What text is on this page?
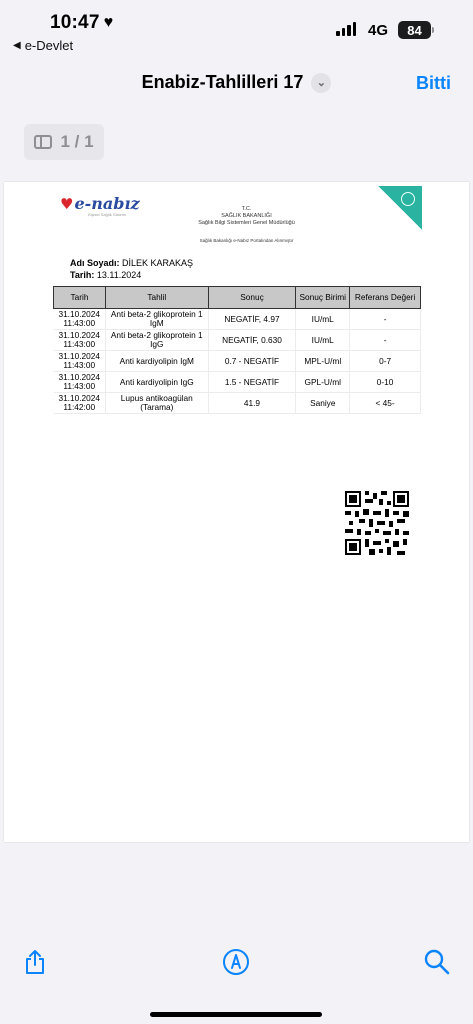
10:47 ♥
◀ e-Devlet
4G 84
Enabiz-Tahlilleri 17	⌄	Bitti
1 / 1
♥ e-nabız
Kişisel Sağlık Sistemi
T.C.
SAĞLIK BAKANLIĞI
Sağlık Bilgi Sistemleri Genel Müdürlüğü
Sağlık Bakanlığı e-Nabız Portalından Alınmıştır
Adı Soyadı: DİLEK KARAKAŞ
Tarih: 13.11.2024
Tarih	Tahlil	Sonuç	Sonuç Birimi	Referans Değeri
31.10.2024 11:43:00	Anti beta-2 glikoprotein 1 IgM	NEGATİF, 4.97	IU/mL	-
31.10.2024 11:43:00	Anti beta-2 glikoprotein 1 IgG	NEGATİF, 0.630	IU/mL	-
31.10.2024 11:43:00	Anti kardiyolipin IgM	0.7 - NEGATİF	MPL-U/ml	0-7
31.10.2024 11:43:00	Anti kardiyolipin IgG	1.5 - NEGATİF	GPL-U/ml	0-10
31.10.2024 11:42:00	Lupus antikoagülan (Tarama)	41.9	Saniye	< 45-
